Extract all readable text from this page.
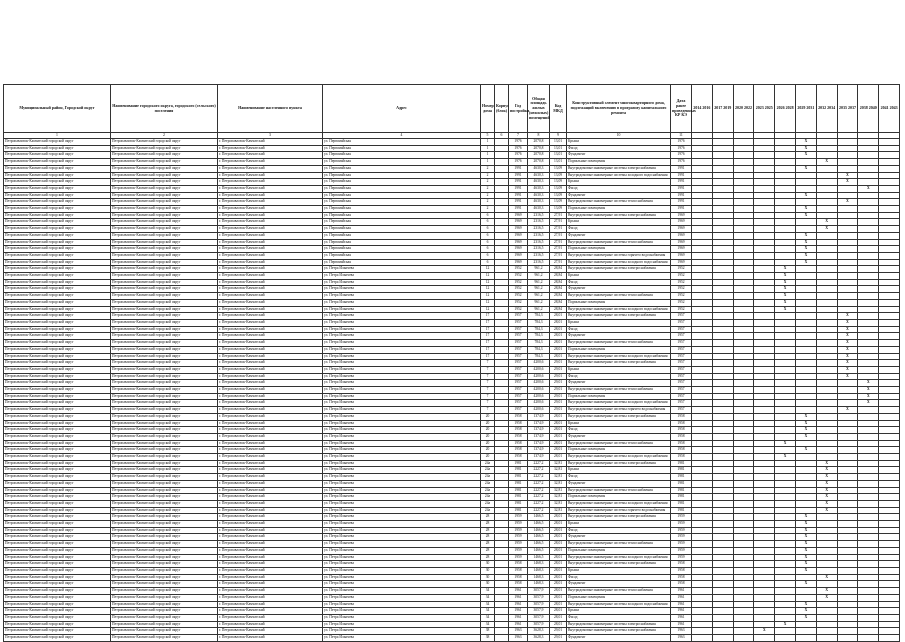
Муниципальный район, Городской округ	Наименование городского округа, городского (сельского) поселения	Наименование населенного пункта	Адрес	Номер дома	Корпус (блок)	Год постройки	Общая площадь жилых (нежилых) помещений	Код МКД	Конструктивный элемент многоквартирного дома, подлежащий включению в программу капитального ремонта	Дата ранее проведенных КР КЭ	2014 2016	2017 2019	2020 2022	2023 2025	2026 2028	2029 2031	2032 2034	2035 2037	2038 2040	2041 2043
1	2	3	4	5	6	7	8	9	10	11										
Петропавловск-Камчатский городской округ	Петропавловск-Камчатский городской округ	г. Петропавловск-Камчатский	ул. Первомайская	1		1976	2070,8	13,01	Крыша	1976						X				
Петропавловск-Камчатский городской округ	Петропавловск-Камчатский городской округ	г. Петропавловск-Камчатский	ул. Первомайская	1		1976	2070,8	13,01	Фасад	1976						X				
Петропавловск-Камчатский городской округ	Петропавловск-Камчатский городской округ	г. Петропавловск-Камчатский	ул. Первомайская	1		1976	2070,8	13,01	Фундамент	1976						X				
Петропавловск-Камчатский городской округ	Петропавловск-Камчатский городской округ	г. Петропавловск-Камчатский	ул. Первомайская	1		1976	2070,8	13,01	Подвальные помещения	1976							X			
Петропавловск-Камчатский городской округ	Петропавловск-Камчатский городской округ	г. Петропавловск-Камчатский	ул. Первомайская	2		1991	4630,3	13,09	Внутридомовые инженерные системы электроснабжения	1991						X				
Петропавловск-Камчатский городской округ	Петропавловск-Камчатский городской округ	г. Петропавловск-Камчатский	ул. Первомайская	2		1991	4630,3	13,09	Внутридомовые инженерные системы холодного водоснабжения	1991								X		
Петропавловск-Камчатский городской округ	Петропавловск-Камчатский городской округ	г. Петропавловск-Камчатский	ул. Первомайская	2		1991	4630,3	13,09	Крыша	1991								X		
Петропавловск-Камчатский городской округ	Петропавловск-Камчатский городской округ	г. Петропавловск-Камчатский	ул. Первомайская	2		1991	4630,3	13,09	Фасад	1991									X	
Петропавловск-Камчатский городской округ	Петропавловск-Камчатский городской округ	г. Петропавловск-Камчатский	ул. Первомайская	2		1991	4630,3	13,09	Фундамент	1991						X				
Петропавловск-Камчатский городской округ	Петропавловск-Камчатский городской округ	г. Петропавловск-Камчатский	ул. Первомайская	2		1991	4630,3	13,09	Внутридомовые инженерные системы теплоснабжения	1991								X		
Петропавловск-Камчатский городской округ	Петропавловск-Камчатский городской округ	г. Петропавловск-Камчатский	ул. Первомайская	2		1991	4630,3	13,09	Подвальные помещения	1991						X				
Петропавловск-Камчатский городской округ	Петропавловск-Камчатский городской округ	г. Петропавловск-Камчатский	ул. Первомайская	6		1969	2316,5	27,91	Внутридомовые инженерные системы электроснабжения	1969						X				
Петропавловск-Камчатский городской округ	Петропавловск-Камчатский городской округ	г. Петропавловск-Камчатский	ул. Первомайская	6		1969	2316,5	27,91	Крыша	1969							X			
Петропавловск-Камчатский городской округ	Петропавловск-Камчатский городской округ	г. Петропавловск-Камчатский	ул. Первомайская	6		1969	2316,5	27,91	Фасад	1969							X			
Петропавловск-Камчатский городской округ	Петропавловск-Камчатский городской округ	г. Петропавловск-Камчатский	ул. Первомайская	6		1969	2316,5	27,91	Фундамент	1969						X				
Петропавловск-Камчатский городской округ	Петропавловск-Камчатский городской округ	г. Петропавловск-Камчатский	ул. Первомайская	6		1969	2316,5	27,91	Внутридомовые инженерные системы теплоснабжения	1969						X				
Петропавловск-Камчатский городской округ	Петропавловск-Камчатский городской округ	г. Петропавловск-Камчатский	ул. Первомайская	6		1969	2316,5	27,91	Подвальные помещения	1969						X				
Петропавловск-Камчатский городской округ	Петропавловск-Камчатский городской округ	г. Петропавловск-Камчатский	ул. Первомайская	6		1969	2316,5	27,91	Внутридомовые инженерные системы горячего водоснабжения	1969						X				
Петропавловск-Камчатский городской округ	Петропавловск-Камчатский городской округ	г. Петропавловск-Камчатский	ул. Первомайская	6		1969	2316,5	27,91	Внутридомовые инженерные системы холодного водоснабжения	1969						X				
Петропавловск-Камчатский городской округ	Петропавловск-Камчатский городской округ	г. Петропавловск-Камчатский	ул. Петра Ильичева	12		1952	961,2	28,84	Внутридомовые инженерные системы электроснабжения	1952					X					
Петропавловск-Камчатский городской округ	Петропавловск-Камчатский городской округ	г. Петропавловск-Камчатский	ул. Петра Ильичева	12		1952	961,2	28,84	Крыша	1952					X					
Петропавловск-Камчатский городской округ	Петропавловск-Камчатский городской округ	г. Петропавловск-Камчатский	ул. Петра Ильичева	12		1952	961,2	28,84	Фасад	1952					X					
Петропавловск-Камчатский городской округ	Петропавловск-Камчатский городской округ	г. Петропавловск-Камчатский	ул. Петра Ильичева	12		1952	961,2	28,84	Фундамент	1952					X					
Петропавловск-Камчатский городской округ	Петропавловск-Камчатский городской округ	г. Петропавловск-Камчатский	ул. Петра Ильичева	12		1952	961,2	28,84	Внутридомовые инженерные системы теплоснабжения	1952					X					
Петропавловск-Камчатский городской округ	Петропавловск-Камчатский городской округ	г. Петропавловск-Камчатский	ул. Петра Ильичева	12		1952	961,2	28,84	Подвальные помещения	1952					X					
Петропавловск-Камчатский городской округ	Петропавловск-Камчатский городской округ	г. Петропавловск-Камчатский	ул. Петра Ильичева	12		1952	961,2	28,84	Внутридомовые инженерные системы холодного водоснабжения	1952					X					
Петропавловск-Камчатский городской округ	Петропавловск-Камчатский городской округ	г. Петропавловск-Камчатский	ул. Петра Ильичева	17		1957	784,3	28,01	Внутридомовые инженерные системы электроснабжения	1957								X		
Петропавловск-Камчатский городской округ	Петропавловск-Камчатский городской округ	г. Петропавловск-Камчатский	ул. Петра Ильичева	17		1957	784,3	28,01	Крыша	1957								X		
Петропавловск-Камчатский городской округ	Петропавловск-Камчатский городской округ	г. Петропавловск-Камчатский	ул. Петра Ильичева	17		1957	784,3	28,01	Фасад	1957								X		
Петропавловск-Камчатский городской округ	Петропавловск-Камчатский городской округ	г. Петропавловск-Камчатский	ул. Петра Ильичева	17		1957	784,3	28,01	Фундамент	1957								X		
Петропавловск-Камчатский городской округ	Петропавловск-Камчатский городской округ	г. Петропавловск-Камчатский	ул. Петра Ильичева	17		1957	784,3	28,01	Внутридомовые инженерные системы теплоснабжения	1957								X		
Петропавловск-Камчатский городской округ	Петропавловск-Камчатский городской округ	г. Петропавловск-Камчатский	ул. Петра Ильичева	17		1957	784,3	28,01	Подвальные помещения	1957								X		
Петропавловск-Камчатский городской округ	Петропавловск-Камчатский городской округ	г. Петропавловск-Камчатский	ул. Петра Ильичева	17		1957	784,3	28,01	Внутридомовые инженерные системы холодного водоснабжения	1957								X		
Петропавловск-Камчатский городской округ	Петропавловск-Камчатский городской округ	г. Петропавловск-Камчатский	ул. Петра Ильичева	7		1957	4200,6	29,01	Внутридомовые инженерные системы электроснабжения	1957								X		
Петропавловск-Камчатский городской округ	Петропавловск-Камчатский городской округ	г. Петропавловск-Камчатский	ул. Петра Ильичева	7		1957	4200,6	29,01	Крыша	1957								X		
Петропавловск-Камчатский городской округ	Петропавловск-Камчатский городской округ	г. Петропавловск-Камчатский	ул. Петра Ильичева	7		1957	4200,6	29,01	Фасад	1957								X		
Петропавловск-Камчатский городской округ	Петропавловск-Камчатский городской округ	г. Петропавловск-Камчатский	ул. Петра Ильичева	7		1957	4200,6	29,01	Фундамент	1957									X	
Петропавловск-Камчатский городской округ	Петропавловск-Камчатский городской округ	г. Петропавловск-Камчатский	ул. Петра Ильичева	7		1957	4200,6	29,01	Внутридомовые инженерные системы теплоснабжения	1957									X	
Петропавловск-Камчатский городской округ	Петропавловск-Камчатский городской округ	г. Петропавловск-Камчатский	ул. Петра Ильичева	7		1957	4200,6	29,01	Подвальные помещения	1957									X	
Петропавловск-Камчатский городской округ	Петропавловск-Камчатский городской округ	г. Петропавловск-Камчатский	ул. Петра Ильичева	7		1957	4200,6	29,01	Внутридомовые инженерные системы холодного водоснабжения	1957									X	
Петропавловск-Камчатский городской округ	Петропавловск-Камчатский городской округ	г. Петропавловск-Камчатский	ул. Петра Ильичева	7		1957	4200,6	29,01	Внутридомовые инженерные системы горячего водоснабжения	1957								X		
Петропавловск-Камчатский городской округ	Петропавловск-Камчатский городской округ	г. Петропавловск-Камчатский	ул. Петра Ильичева	20		1958	1374,9	28,01	Внутридомовые инженерные системы электроснабжения	1958						X				
Петропавловск-Камчатский городской округ	Петропавловск-Камчатский городской округ	г. Петропавловск-Камчатский	ул. Петра Ильичева	20		1958	1374,9	28,01	Крыша	1958						X				
Петропавловск-Камчатский городской округ	Петропавловск-Камчатский городской округ	г. Петропавловск-Камчатский	ул. Петра Ильичева	20		1958	1374,9	28,01	Фасад	1958						X				
Петропавловск-Камчатский городской округ	Петропавловск-Камчатский городской округ	г. Петропавловск-Камчатский	ул. Петра Ильичева	20		1958	1374,9	28,01	Фундамент	1958						X				
Петропавловск-Камчатский городской округ	Петропавловск-Камчатский городской округ	г. Петропавловск-Камчатский	ул. Петра Ильичева	20		1958	1374,9	28,01	Внутридомовые инженерные системы теплоснабжения	1958					X					
Петропавловск-Камчатский городской округ	Петропавловск-Камчатский городской округ	г. Петропавловск-Камчатский	ул. Петра Ильичева	20		1958	1374,9	28,01	Подвальные помещения	1958						X				
Петропавловск-Камчатский городской округ	Петропавловск-Камчатский городской округ	г. Петропавловск-Камчатский	ул. Петра Ильичева	20		1958	1374,9	28,01	Внутридомовые инженерные системы холодного водоснабжения	1958					X					
Петропавловск-Камчатский городской округ	Петропавловск-Камчатский городской округ	г. Петропавловск-Камчатский	ул. Петра Ильичева	24a		1981	2227,2	32,81	Внутридомовые инженерные системы электроснабжения	1981							X			
Петропавловск-Камчатский городской округ	Петропавловск-Камчатский городской округ	г. Петропавловск-Камчатский	ул. Петра Ильичева	24a		1981	2227,2	32,81	Крыша	1981							X			
Петропавловск-Камчатский городской округ	Петропавловск-Камчатский городской округ	г. Петропавловск-Камчатский	ул. Петра Ильичева	24a		1981	2227,2	32,81	Фасад	1981							X			
Петропавловск-Камчатский городской округ	Петропавловск-Камчатский городской округ	г. Петропавловск-Камчатский	ул. Петра Ильичева	24a		1981	2227,2	32,81	Фундамент	1981							X			
Петропавловск-Камчатский городской округ	Петропавловск-Камчатский городской округ	г. Петропавловск-Камчатский	ул. Петра Ильичева	24a		1981	2227,2	32,81	Внутридомовые инженерные системы теплоснабжения	1981							X			
Петропавловск-Камчатский городской округ	Петропавловск-Камчатский городской округ	г. Петропавловск-Камчатский	ул. Петра Ильичева	24a		1981	2227,2	32,81	Подвальные помещения	1981							X			
Петропавловск-Камчатский городской округ	Петропавловск-Камчатский городской округ	г. Петропавловск-Камчатский	ул. Петра Ильичева	24a		1981	2227,2	32,81	Внутридомовые инженерные системы холодного водоснабжения	1981							X			
Петропавловск-Камчатский городской округ	Петропавловск-Камчатский городской округ	г. Петропавловск-Камчатский	ул. Петра Ильичева	24a		1981	2227,2	32,81	Внутридомовые инженерные системы горячего водоснабжения	1981							X			
Петропавловск-Камчатский городской округ	Петропавловск-Камчатский городской округ	г. Петропавловск-Камчатский	ул. Петра Ильичева	28		1959	1466,5	28,01	Внутридомовые инженерные системы электроснабжения	1959						X				
Петропавловск-Камчатский городской округ	Петропавловск-Камчатский городской округ	г. Петропавловск-Камчатский	ул. Петра Ильичева	28		1959	1466,5	28,01	Крыша	1959						X				
Петропавловск-Камчатский городской округ	Петропавловск-Камчатский городской округ	г. Петропавловск-Камчатский	ул. Петра Ильичева	28		1959	1466,5	28,01	Фасад	1959						X				
Петропавловск-Камчатский городской округ	Петропавловск-Камчатский городской округ	г. Петропавловск-Камчатский	ул. Петра Ильичева	28		1959	1466,5	28,01	Фундамент	1959						X				
Петропавловск-Камчатский городской округ	Петропавловск-Камчатский городской округ	г. Петропавловск-Камчатский	ул. Петра Ильичева	28		1959	1466,5	28,01	Внутридомовые инженерные системы теплоснабжения	1959						X				
Петропавловск-Камчатский городской округ	Петропавловск-Камчатский городской округ	г. Петропавловск-Камчатский	ул. Петра Ильичева	28		1959	1466,5	28,01	Подвальные помещения	1959						X				
Петропавловск-Камчатский городской округ	Петропавловск-Камчатский городской округ	г. Петропавловск-Камчатский	ул. Петра Ильичева	28		1959	1466,5	28,01	Внутридомовые инженерные системы холодного водоснабжения	1959						X				
Петропавловск-Камчатский городской округ	Петропавловск-Камчатский городской округ	г. Петропавловск-Камчатский	ул. Петра Ильичева	30		1958	1468,3	28,01	Внутридомовые инженерные системы электроснабжения	1958						X				
Петропавловск-Камчатский городской округ	Петропавловск-Камчатский городской округ	г. Петропавловск-Камчатский	ул. Петра Ильичева	30		1958	1468,3	28,01	Крыша	1958						X				
Петропавловск-Камчатский городской округ	Петропавловск-Камчатский городской округ	г. Петропавловск-Камчатский	ул. Петра Ильичева	30		1958	1468,3	28,01	Фасад	1958							X			
Петропавловск-Камчатский городской округ	Петропавловск-Камчатский городской округ	г. Петропавловск-Камчатский	ул. Петра Ильичева	30		1958	1468,3	28,01	Фундамент	1958						X				
Петропавловск-Камчатский городской округ	Петропавловск-Камчатский городской округ	г. Петропавловск-Камчатский	ул. Петра Ильичева	34		1961	3057,9	28,01	Внутридомовые инженерные системы теплоснабжения	1961							X			
Петропавловск-Камчатский городской округ	Петропавловск-Камчатский городской округ	г. Петропавловск-Камчатский	ул. Петра Ильичева	34		1961	3057,9	28,01	Подвальные помещения	1961							X			
Петропавловск-Камчатский городской округ	Петропавловск-Камчатский городской округ	г. Петропавловск-Камчатский	ул. Петра Ильичева	34		1961	3057,9	28,01	Внутридомовые инженерные системы холодного водоснабжения	1961						X				
Петропавловск-Камчатский городской округ	Петропавловск-Камчатский городской округ	г. Петропавловск-Камчатский	ул. Петра Ильичева	34		1961	3057,9	28,01	Крыша	1961						X				
Петропавловск-Камчатский городской округ	Петропавловск-Камчатский городской округ	г. Петропавловск-Камчатский	ул. Петра Ильичева	34		1961	3057,9	28,01	Фасад	1961						X				
Петропавловск-Камчатский городской округ	Петропавловск-Камчатский городской округ	г. Петропавловск-Камчатский	ул. Петра Ильичева	34		1961	3057,9	28,01	Внутридомовые инженерные системы электроснабжения	1961					X					
Петропавловск-Камчатский городской округ	Петропавловск-Камчатский городской округ	г. Петропавловск-Камчатский	ул. Петра Ильичева	38		1963	3628,3	29,01	Внутридомовые инженерные системы электроснабжения	1963				X						
Петропавловск-Камчатский городской округ	Петропавловск-Камчатский городской округ	г. Петропавловск-Камчатский	ул. Петра Ильичева	38		1963	3628,3	29,01	Фундамент	1963										
